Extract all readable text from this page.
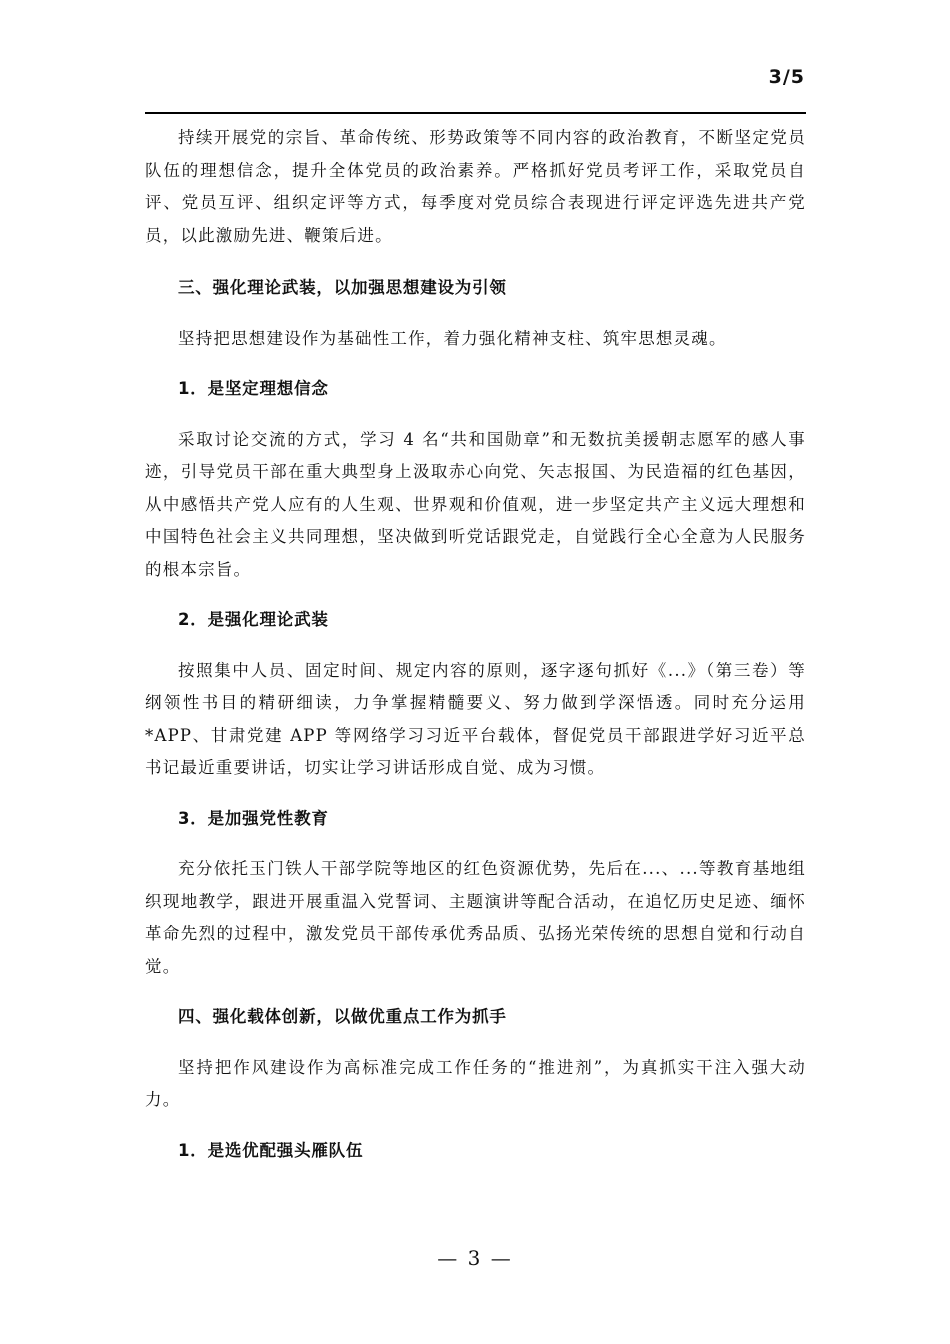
3/5

持续开展党的宗旨、革命传统、形势政策等不同内容的政治教育，不断坚定党员队伍的理想信念，提升全体党员的政治素养。严格抓好党员考评工作，采取党员自评、党员互评、组织定评等方式，每季度对党员综合表现进行评定评选先进共产党员，以此激励先进、鞭策后进。

三、强化理论武装，以加强思想建设为引领

坚持把思想建设作为基础性工作，着力强化精神支柱、筑牢思想灵魂。

1．是坚定理想信念

采取讨论交流的方式，学习 4 名“共和国勋章”和无数抗美援朝志愿军的感人事迹，引导党员干部在重大典型身上汲取赤心向党、矢志报国、为民造福的红色基因，从中感悟共产党人应有的人生观、世界观和价值观，进一步坚定共产主义远大理想和中国特色社会主义共同理想，坚决做到听党话跟党走，自觉践行全心全意为人民服务的根本宗旨。

2．是强化理论武装

按照集中人员、固定时间、规定内容的原则，逐字逐句抓好《...》（第三卷）等纲领性书目的精研细读，力争掌握精髓要义、努力做到学深悟透。同时充分运用*APP、甘肃党建 APP 等网络学习习近平台载体，督促党员干部跟进学好习近平总书记最近重要讲话，切实让学习讲话形成自觉、成为习惯。

3．是加强党性教育

充分依托玉门铁人干部学院等地区的红色资源优势，先后在...、...等教育基地组织现地教学，跟进开展重温入党誓词、主题演讲等配合活动，在追忆历史足迹、缅怀革命先烈的过程中，激发党员干部传承优秀品质、弘扬光荣传统的思想自觉和行动自觉。

四、强化载体创新，以做优重点工作为抓手

坚持把作风建设作为高标准完成工作任务的“推进剂”，为真抓实干注入强大动力。

1．是选优配强头雁队伍

— 3 —
